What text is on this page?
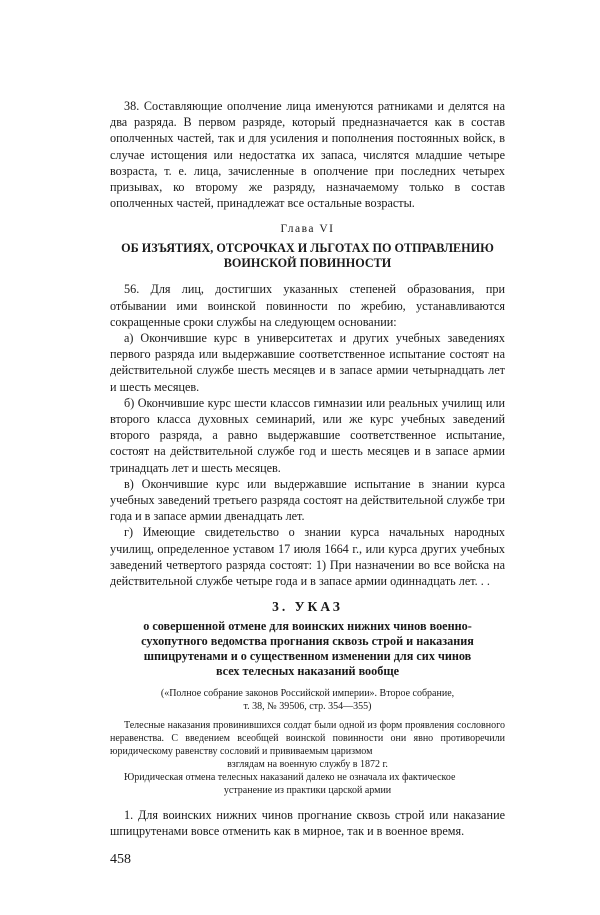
38. Составляющие ополчение лица именуются ратниками и делятся на два разряда. В первом разряде, который предназначается как в состав ополченных частей, так и для усиления и пополнения постоянных войск, в случае истощения или недостатка их запаса, числятся младшие четыре возраста, т. е. лица, зачисленные в ополчение при последних четырех призывах, ко второму же разряду, назначаемому только в состав ополченных частей, принадлежат все остальные возрасты.

Глава VI

ОБ ИЗЪЯТИЯХ, ОТСРОЧКАХ И ЛЬГОТАХ ПО ОТПРАВЛЕНИЮ

ВОИНСКОЙ ПОВИННОСТИ

56. Для лиц, достигших указанных степеней образования, при отбывании ими воинской повинности по жребию, устанавливаются сокращенные сроки службы на следующем основании:

а) Окончившие курс в университетах и других учебных заведениях первого разряда или выдержавшие соответственное испытание состоят на действительной службе шесть месяцев и в запасе армии четырнадцать лет и шесть месяцев.

б) Окончившие курс шести классов гимназии или реальных училищ или второго класса духовных семинарий, или же курс учебных заведений второго разряда, а равно выдержавшие соответственное испытание, состоят на действительной службе год и шесть месяцев и в запасе армии тринадцать лет и шесть месяцев.

в) Окончившие курс или выдержавшие испытание в знании курса учебных заведений третьего разряда состоят на действительной службе три года и в запасе армии двенадцать лет.

г) Имеющие свидетельство о знании курса начальных народных училищ, определенное уставом 17 июля 1664 г., или курса других учебных заведений четвертого разряда состоят: 1) При назначении во все войска на действительной службе четыре года и в запасе армии одиннадцать лет. . .

3. УКАЗ

о совершенной отмене для воинских нижних чинов военно-

сухопутного ведомства прогнания сквозь строй и наказания

шпицрутенами и о существенном изменении для сих чинов

всех телесных наказаний вообще

(«Полное собрание законов Российской империи». Второе собрание,

т. 38, № 39506, стр. 354—355)

Телесные наказания провинившихся солдат были одной из форм проявления сословного неравенства. С введением всеобщей воинской повинности они явно противоречили юридическому равенству сословий и прививаемым царизмом

взглядам на военную службу в 1872 г.

Юридическая отмена телесных наказаний далеко не означала их фактическое

устранение из практики царской армии

1. Для воинских нижних чинов прогнание сквозь строй или наказание шпицрутенами вовсе отменить как в мирное, так и в военное время.

458
